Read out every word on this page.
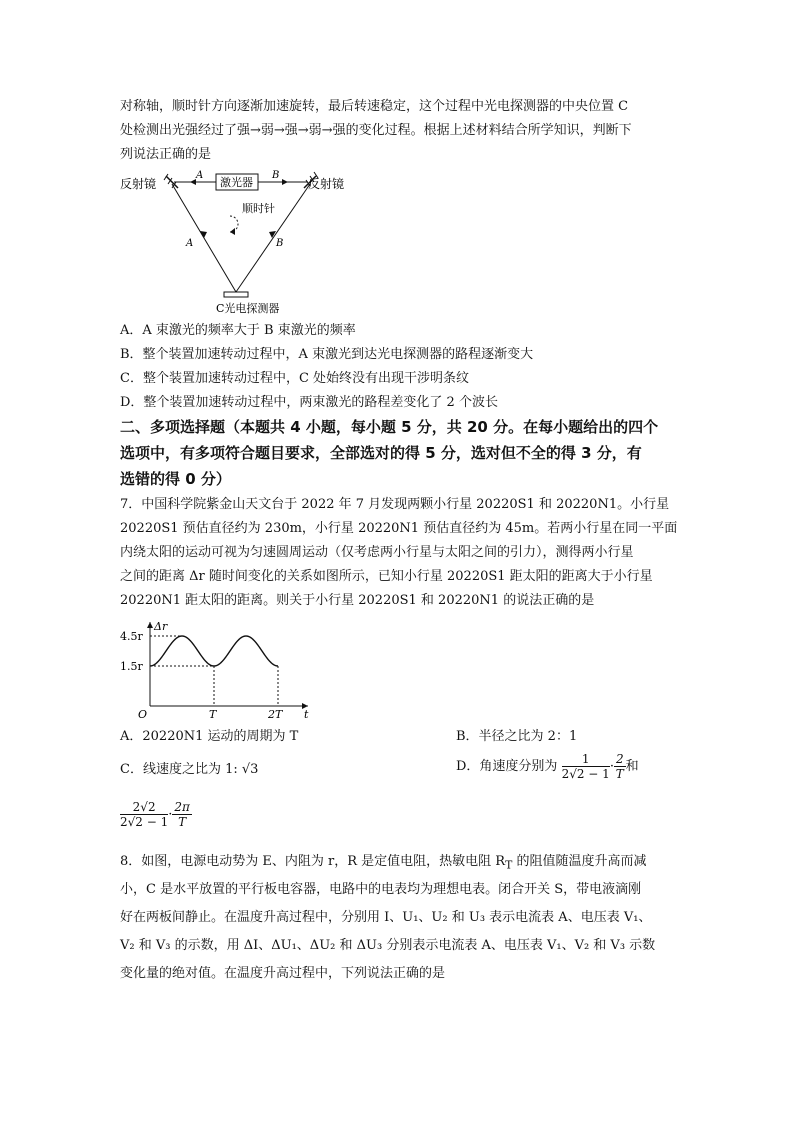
对称轴，顺时针方向逐渐加速旋转，最后转速稳定，这个过程中光电探测器的中央位置 C
处检测出光强经过了强→弱→强→弱→强的变化过程。根据上述材料结合所学知识，判断下
列说法正确的是
反射镜	反射镜
激光器
A	B
A	B
顺时针
C光电探测器
A．A 束激光的频率大于 B 束激光的频率
B．整个装置加速转动过程中，A 束激光到达光电探测器的路程逐渐变大
C．整个装置加速转动过程中，C 处始终没有出现干涉明条纹
D．整个装置加速转动过程中，两束激光的路程差变化了 2 个波长
二、多项选择题（本题共 4 小题，每小题 5 分，共 20 分。在每小题给出的四个
选项中，有多项符合题目要求，全部选对的得 5 分，选对但不全的得 3 分，有
选错的得 0 分）
7．中国科学院紫金山天文台于 2022 年 7 月发现两颗小行星 20220S1 和 20220N1。小行星
20220S1 预估直径约为 230m，小行星 20220N1 预估直径约为 45m。若两小行星在同一平面
内绕太阳的运动可视为匀速圆周运动（仅考虑两小行星与太阳之间的引力），测得两小行星
之间的距离 Δr 随时间变化的关系如图所示，已知小行星 20220S1 距太阳的距离大于小行星
20220N1 距太阳的距离。则关于小行星 20220S1 和 20220N1 的说法正确的是
Δr
t
O
4.5r
1.5r
T	2T
A．20220N1 运动的周期为 T	B．半径之比为 2：1
C．线速度之比为 1: √3	D．角速度分别为 $\frac{1}{2√2 - 1} \cdot \frac{2}{T}$ 和
$\frac{2√2}{2√2 - 1} \cdot \frac{2\pi}{T}$
8．如图，电源电动势为 E、内阻为 r，R 是定值电阻，热敏电阻 $R_T$ 的阻值随温度升高而减
小，C 是水平放置的平行板电容器，电路中的电表均为理想电表。闭合开关 S，带电液滴刚
好在两板间静止。在温度升高过程中，分别用 I、U₁、U₂ 和 U₃ 表示电流表 A、电压表 V₁、
V₂ 和 V₃ 的示数，用 ΔI、ΔU₁、ΔU₂ 和 ΔU₃ 分别表示电流表 A、电压表 V₁、V₂ 和 V₃ 示数
变化量的绝对值。在温度升高过程中，下列说法正确的是
